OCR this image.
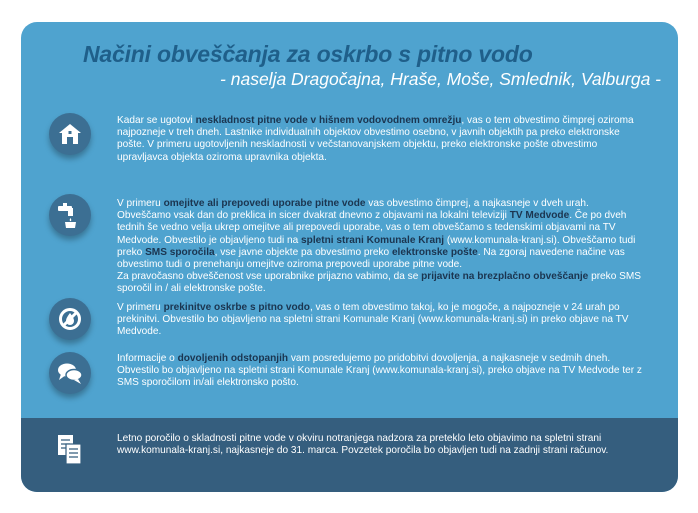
Načini obveščanja za oskrbo s pitno vodo

- naselja Dragočajna, Hraše, Moše, Smlednik, Valburga -

Kadar se ugotovi neskladnost pitne vode v hišnem vodovodnem omrežju, vas o tem obvestimo čimprej oziroma najpozneje v treh dneh. Lastnike individualnih objektov obvestimo osebno, v javnih objektih pa preko elektronske pošte. V primeru ugotovljenih neskladnosti v večstanovanjskem objektu, preko elektronske pošte obvestimo upravljavca objekta oziroma upravnika objekta.

V primeru omejitve ali prepovedi uporabe pitne vode vas obvestimo čimprej, a najkasneje v dveh urah. Obveščamo vsak dan do preklica in sicer dvakrat dnevno z objavami na lokalni televiziji TV Medvode. Če po dveh tednih še vedno velja ukrep omejitve ali prepovedi uporabe, vas o tem obveščamo s tedenskimi objavami na TV Medvode. Obvestilo je objavljeno tudi na spletni strani Komunale Kranj (www.komunala-kranj.si). Obveščamo tudi preko SMS sporočila, vse javne objekte pa obvestimo preko elektronske pošte. Na zgoraj navedene načine vas obvestimo tudi o prenehanju omejitve oziroma prepovedi uporabe pitne vode.
Za pravočasno obveščenost vse uporabnike prijazno vabimo, da se prijavite na brezplačno obveščanje preko SMS sporočil in / ali elektronske pošte.

V primeru prekinitve oskrbe s pitno vodo, vas o tem obvestimo takoj, ko je mogoče, a najpozneje v 24 urah po prekinitvi. Obvestilo bo objavljeno na spletni strani Komunale Kranj (www.komunala-kranj.si) in preko objave na TV Medvode.

Informacije o dovoljenih odstopanjih vam posredujemo po pridobitvi dovoljenja, a najkasneje v sedmih dneh. Obvestilo bo objavljeno na spletni strani Komunale Kranj (www.komunala-kranj.si), preko objave na TV Medvode ter z SMS sporočilom in/ali elektronsko pošto.

Letno poročilo o skladnosti pitne vode v okviru notranjega nadzora za preteklo leto objavimo na spletni strani www.komunala-kranj.si, najkasneje do 31. marca. Povzetek poročila bo objavljen tudi na zadnji strani računov.
